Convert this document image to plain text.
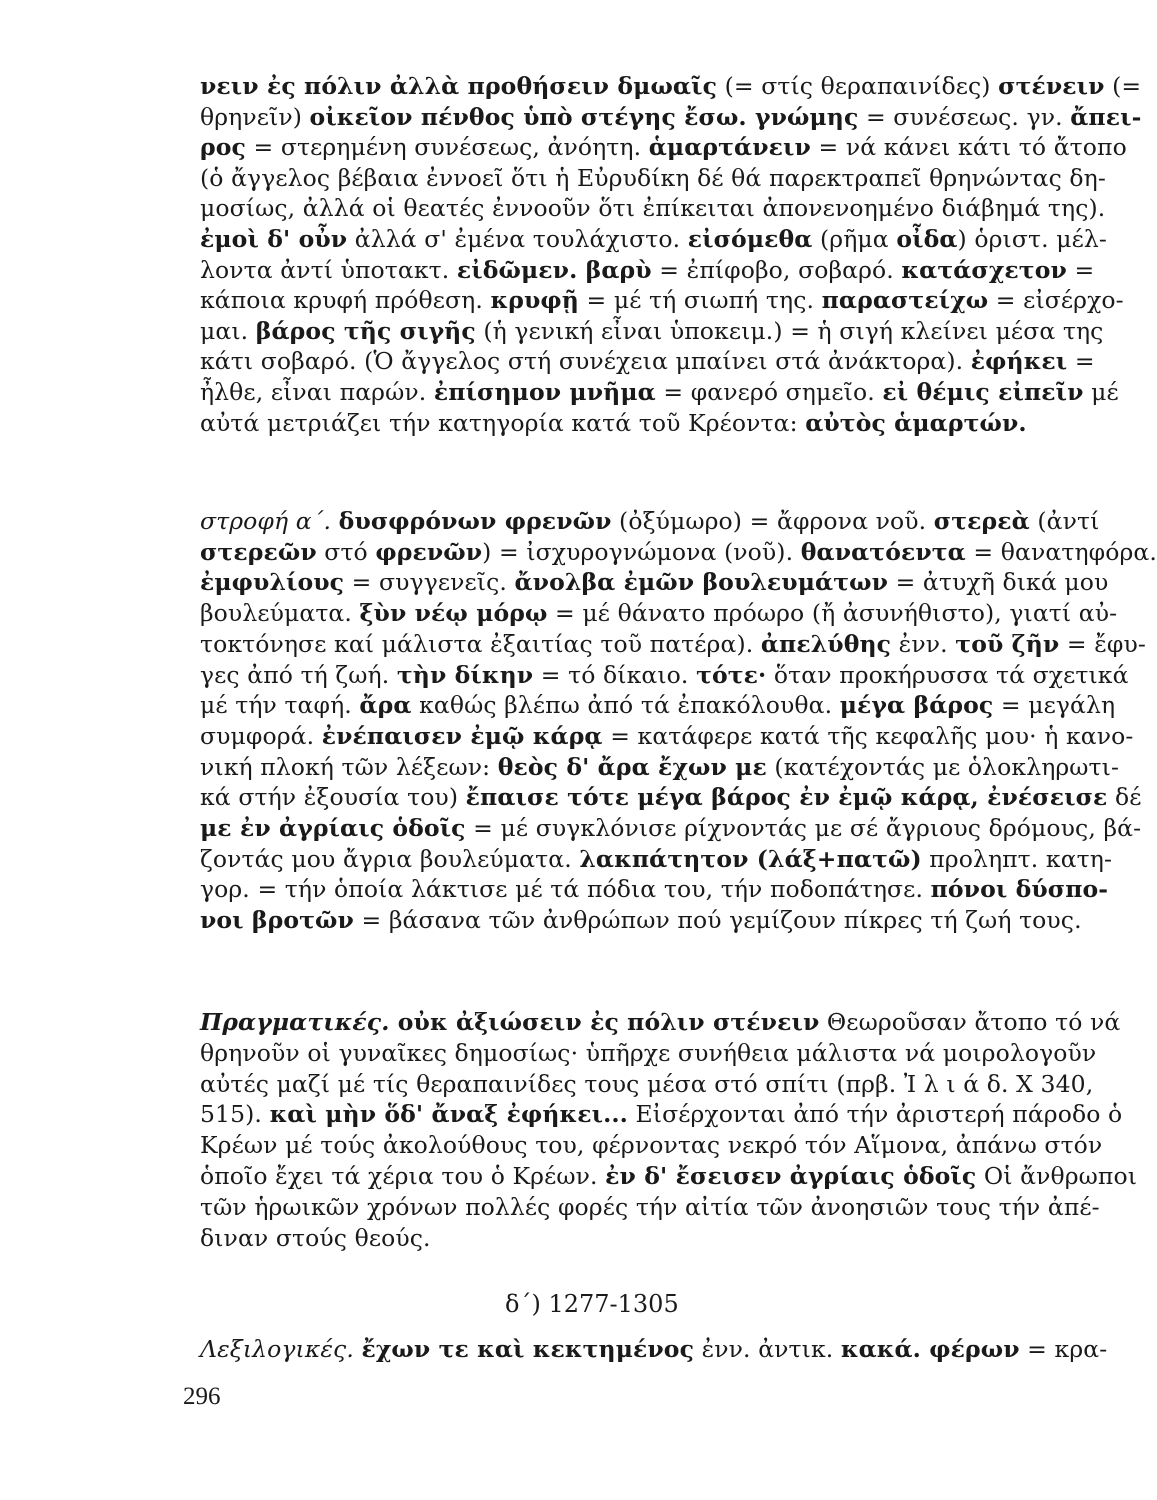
νειν ἐς πόλιν ἀλλὰ προθήσειν δμωαῖς (= στίς θεραπαινίδες) στένειν (=
θρηνεῖν) οἰκεῖον πένθος ὑπὸ στέγης ἔσω. γνώμης = συνέσεως. γν. ἄπει-
ρος = στερημένη συνέσεως, ἀνόητη. ἁμαρτάνειν = νά κάνει κάτι τό ἄτοπο
(ὁ ἄγγελος βέβαια ἐννοεῖ ὅτι ἡ Εὐρυδίκη δέ θά παρεκτραπεῖ θρηνώντας δη-
μοσίως, ἀλλά οἱ θεατές ἐννοοῦν ὅτι ἐπίκειται ἀπονενοημένο διάβημά της).
ἐμοὶ δ' οὖν ἀλλά σ' ἐμένα τουλάχιστο. εἰσόμεθα (ρῆμα οἶδα) ὁριστ. μέλ-
λοντα ἀντί ὑποτακτ. εἰδῶμεν. βαρὺ = ἐπίφοβο, σοβαρό. κατάσχετον =
κάποια κρυφή πρόθεση. κρυφῇ = μέ τή σιωπή της. παραστείχω = εἰσέρχο-
μαι. βάρος τῆς σιγῆς (ἡ γενική εἶναι ὑποκειμ.) = ἡ σιγή κλείνει μέσα της
κάτι σοβαρό. (Ὁ ἄγγελος στή συνέχεια μπαίνει στά ἀνάκτορα). ἐφήκει =
ἦλθε, εἶναι παρών. ἐπίσημον μνῆμα = φανερό σημεῖο. εἰ θέμις εἰπεῖν μέ
αὐτά μετριάζει τήν κατηγορία κατά τοῦ Κρέοντα: αὐτὸς ἁμαρτών.
στροφή α΄. δυσφρόνων φρενῶν (ὀξύμωρο) = ἄφρονα νοῦ. στερεὰ (ἀντί
στερεῶν στό φρενῶν) = ἰσχυρογνώμονα (νοῦ). θανατόεντα = θανατηφόρα.
ἐμφυλίους = συγγενεῖς. ἄνολβα ἐμῶν βουλευμάτων = ἀτυχῆ δικά μου
βουλεύματα. ξὺν νέῳ μόρῳ = μέ θάνατο πρόωρο (ἤ ἀσυνήθιστο), γιατί αὐ-
τοκτόνησε καί μάλιστα ἐξαιτίας τοῦ πατέρα). ἀπελύθης ἐνν. τοῦ ζῆν = ἔφυ-
γες ἀπό τή ζωή. τὴν δίκην = τό δίκαιο. τότε· ὅταν προκήρυσσα τά σχετικά
μέ τήν ταφή. ἄρα καθώς βλέπω ἀπό τά ἐπακόλουθα. μέγα βάρος = μεγάλη
συμφορά. ἐνέπαισεν ἐμῷ κάρᾳ = κατάφερε κατά τῆς κεφαλῆς μου· ἡ κανο-
νική πλοκή τῶν λέξεων: θεὸς δ' ἄρα ἔχων με (κατέχοντάς με ὁλοκληρωτι-
κά στήν ἐξουσία του) ἔπαισε τότε μέγα βάρος ἐν ἐμῷ κάρᾳ, ἐνέσεισε δέ
με ἐν ἀγρίαις ὁδοῖς = μέ συγκλόνισε ρίχνοντάς με σέ ἄγριους δρόμους, βά-
ζοντάς μου ἄγρια βουλεύματα. λακπάτητον (λάξ+πατῶ) προληπτ. κατη-
γορ. = τήν ὁποία λάκτισε μέ τά πόδια του, τήν ποδοπάτησε. πόνοι δύσπο-
νοι βροτῶν = βάσανα τῶν ἀνθρώπων πού γεμίζουν πίκρες τή ζωή τους.
Πραγματικές. οὐκ ἀξιώσειν ἐς πόλιν στένειν Θεωροῦσαν ἄτοπο τό νά
θρηνοῦν οἱ γυναῖκες δημοσίως· ὑπῆρχε συνήθεια μάλιστα νά μοιρολογοῦν
αὐτές μαζί μέ τίς θεραπαινίδες τους μέσα στό σπίτι (πρβ. Ἰ λ ι ά δ. Χ 340,
515). καὶ μὴν ὅδ' ἄναξ ἐφήκει... Εἰσέρχονται ἀπό τήν ἀριστερή πάροδο ὁ
Κρέων μέ τούς ἀκολούθους του, φέρνοντας νεκρό τόν Αἵμονα, ἀπάνω στόν
ὁποῖο ἔχει τά χέρια του ὁ Κρέων. ἐν δ' ἔσεισεν ἀγρίαις ὁδοῖς Οἱ ἄνθρωποι
τῶν ἡρωικῶν χρόνων πολλές φορές τήν αἰτία τῶν ἀνοησιῶν τους τήν ἀπέ-
διναν στούς θεούς.
δ΄) 1277-1305
Λεξιλογικές. ἔχων τε καὶ κεκτημένος ἐνν. ἀντικ. κακά. φέρων = κρα-
296
